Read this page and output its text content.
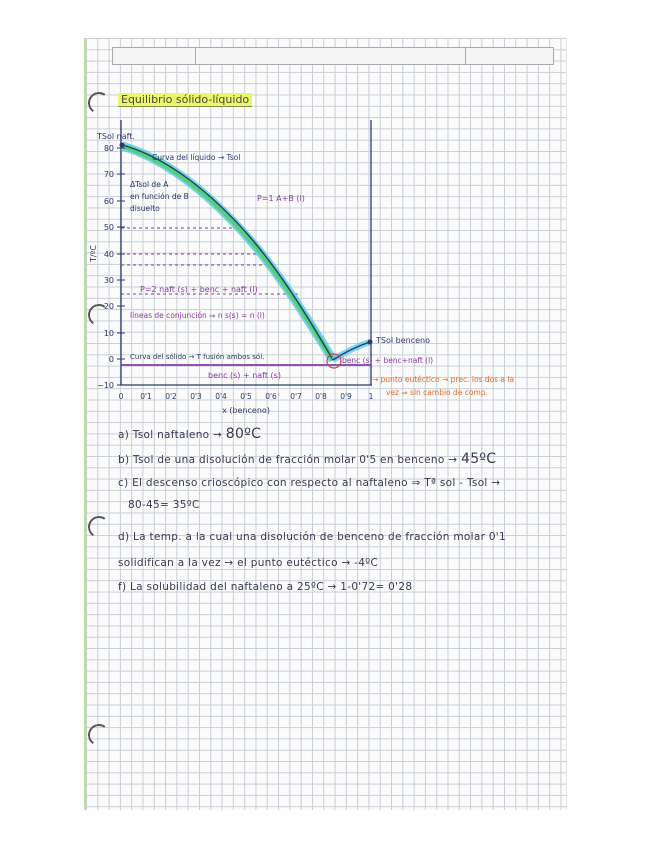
Equilibrio sólido-líquido
80
70
60
50
40
30
20
10
0
−10
0 0'1 0'2 0'3 0'4 0'5 0'6 0'7 0'8 0'9 1
x (benceno)
T/ºC
TSol naft.
Curva del líquido → Tsol
ΔTsol de A
en función de B
disuelto
P=1 A+B (l)
P=2 naft (s) + benc + naft (l)
líneas de conjunción ⇒ n s(s) = n (l)
Curva del sólido → T fusión ambos sól.
benc (s) + naft (s)
benc (s) + benc+naft (l)
TSol benceno
→ punto eutéctico → prec. los dos a la
vez ⇒ sin cambio de comp.
a) Tsol naftaleno → 80ºC
b) Tsol de una disolución de fracción molar 0'5 en benceno → 45ºC
c) El descenso crioscópico con respecto al naftaleno ⇒ Tª sol - Tsol →
80-45= 35ºC
d) La temp. a la cual una disolución de benceno de fracción molar 0'1
solidifican a la vez → el punto eutéctico → -4ºC
f) La solubilidad del naftaleno a 25ºC → 1-0'72= 0'28
